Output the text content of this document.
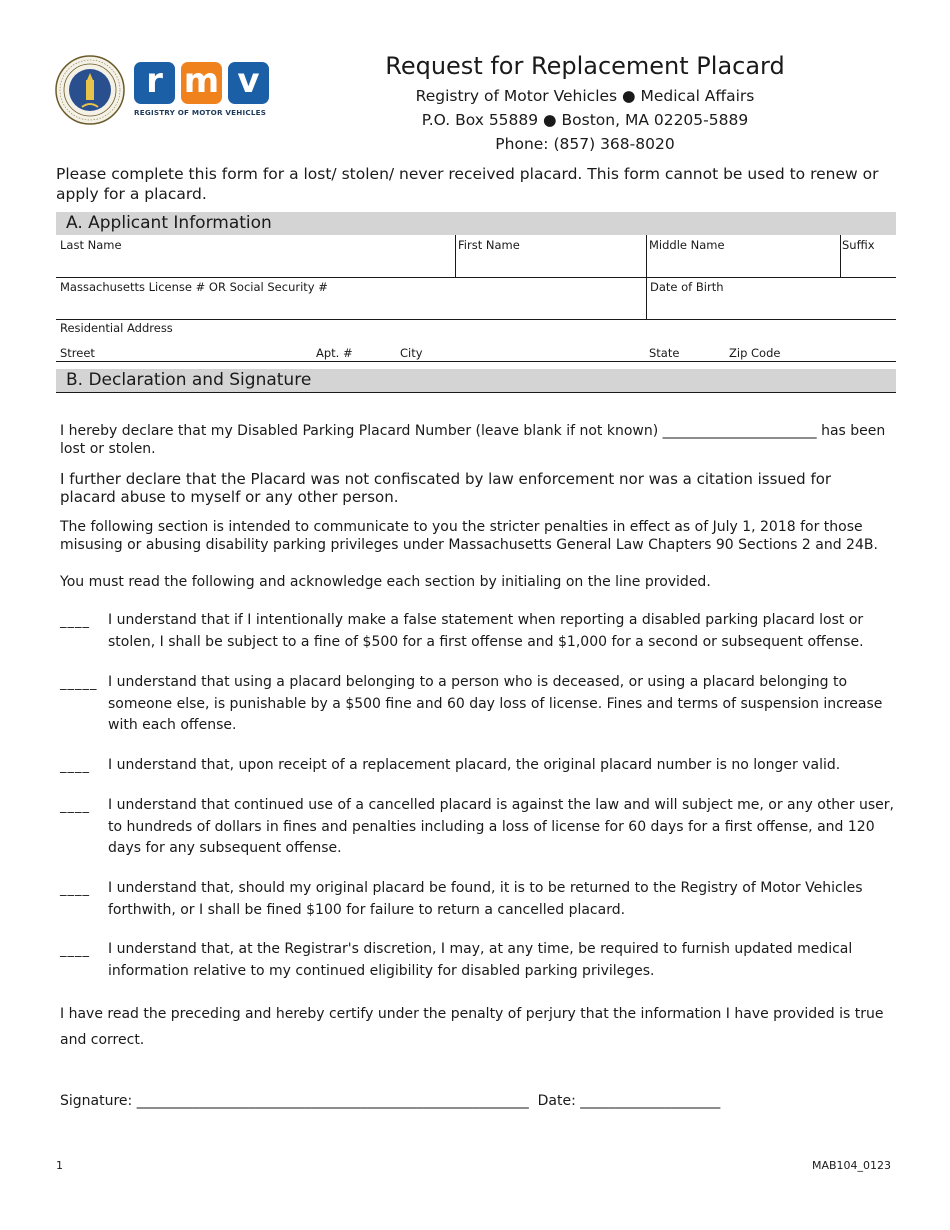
r m v
REGISTRY OF MOTOR VEHICLES
Request for Replacement Placard
Registry of Motor Vehicles ● Medical Affairs
P.O. Box 55889 ● Boston, MA 02205-5889
Phone: (857) 368-8020
Please complete this form for a lost/ stolen/ never received placard. This form cannot be used to renew or apply for a placard.
A. Applicant Information
Last Name	First Name	Middle Name	Suffix
Massachusetts License # OR Social Security #	Date of Birth
Residential Address
Street	Apt. #	City	State	Zip Code
B. Declaration and Signature
I hereby declare that my Disabled Parking Placard Number (leave blank if not known) ______________________ has been lost or stolen.
I further declare that the Placard was not confiscated by law enforcement nor was a citation issued for placard abuse to myself or any other person.
The following section is intended to communicate to you the stricter penalties in effect as of July 1, 2018 for those misusing or abusing disability parking privileges under Massachusetts General Law Chapters 90 Sections 2 and 24B.
You must read the following and acknowledge each section by initialing on the line provided.
____ I understand that if I intentionally make a false statement when reporting a disabled parking placard lost or stolen, I shall be subject to a fine of $500 for a first offense and $1,000 for a second or subsequent offense.
_____ I understand that using a placard belonging to a person who is deceased, or using a placard belonging to someone else, is punishable by a $500 fine and 60 day loss of license. Fines and terms of suspension increase with each offense.
____ I understand that, upon receipt of a replacement placard, the original placard number is no longer valid.
____ I understand that continued use of a cancelled placard is against the law and will subject me, or any other user, to hundreds of dollars in fines and penalties including a loss of license for 60 days for a first offense, and 120 days for any subsequent offense.
____ I understand that, should my original placard be found, it is to be returned to the Registry of Motor Vehicles forthwith, or I shall be fined $100 for failure to return a cancelled placard.
____ I understand that, at the Registrar's discretion, I may, at any time, be required to furnish updated medical information relative to my continued eligibility for disabled parking privileges.
I have read the preceding and hereby certify under the penalty of perjury that the information I have provided is true and correct.
Signature: ________________________________________________________  Date: ____________________
1	MAB104_0123
